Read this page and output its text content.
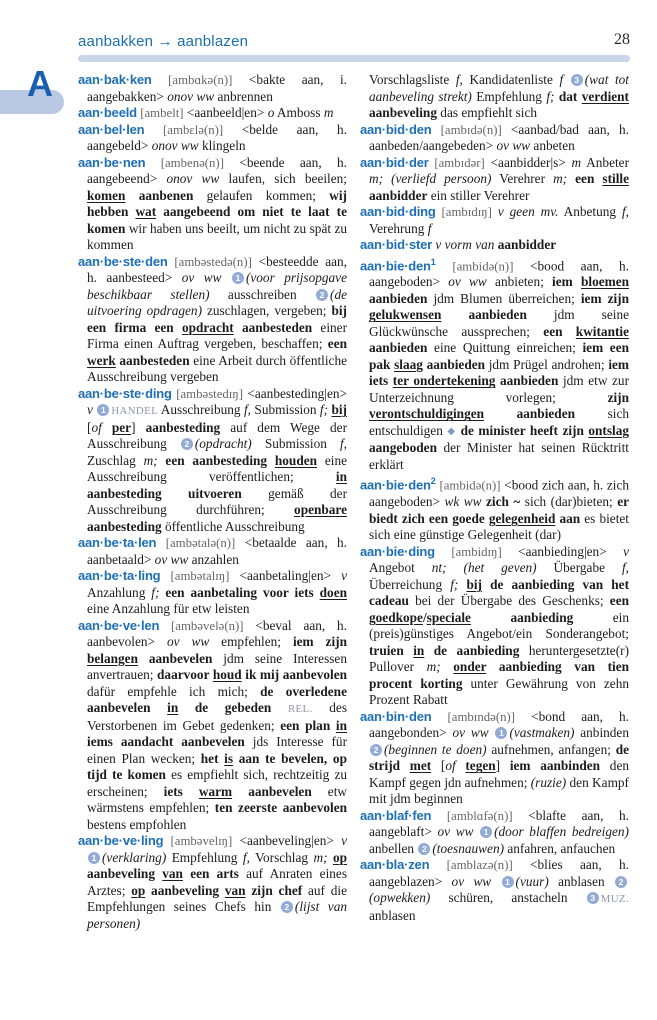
aanbakken → aanblazen	28
A aan·bak·ken [ambɑkə(n)] <bakte aan, i. aangebakken> onov ww anbrennen

aan·beeld [ambelt] <aanbeeld|en> o Amboss m

aan·bel·len [ambɛlə(n)] <belde aan, h. aangebeld> onov ww klingeln

aan·be·nen [ambenə(n)] <beende aan, h. aangebeend> onov ww laufen, sich beeilen; komen aanbenen gelaufen kommen; wij hebben wat aangebeend om niet te laat te komen wir haben uns beeilt, um nicht zu spät zu kommen

aan·be·ste·den [ambəstedə(n)] <besteedde aan, h. aanbesteed> ov ww 1 (voor prijsopgave beschikbaar stellen) ausschreiben 2 (de uitvoering opdragen) zuschlagen, vergeben; bij een firma een opdracht aanbesteden einer Firma einen Auftrag vergeben, beschaffen; een werk aanbesteden eine Arbeit durch öffentliche Ausschreibung vergeben

aan·be·ste·ding [ambəstedɪŋ] <aanbesteding|en> v 1 HANDEL Ausschreibung f, Submission f; bij [of per] aanbesteding auf dem Wege der Ausschreibung 2 (opdracht) Submission f, Zuschlag m; een aanbesteding houden eine Ausschreibung veröffentlichen; in aanbesteding uitvoeren gemäß der Ausschreibung durchführen; openbare aanbesteding öffentliche Ausschreibung

aan·be·ta·len [ambətalə(n)] <betaalde aan, h. aanbetaald> ov ww anzahlen

aan·be·ta·ling [ambətalɪŋ] <aanbetaling|en> v Anzahlung f; een aanbetaling voor iets doen eine Anzahlung für etw leisten

aan·be·ve·len [ambəvelə(n)] <beval aan, h. aanbevolen> ov ww empfehlen; iem zijn belangen aanbevelen jdm seine Interessen anvertrauen; daarvoor houd ik mij aanbevolen dafür empfehle ich mich; de overledene aanbevelen in de gebeden REL. des Verstorbenen im Gebet gedenken; een plan in iems aandacht aanbevelen jds Interesse für einen Plan wecken; het is aan te bevelen, op tijd te komen es empfiehlt sich, rechtzeitig zu erscheinen; iets warm aanbevelen etw wärmstens empfehlen; ten zeerste aanbevolen bestens empfohlen

aan·be·ve·ling [ambəvelɪŋ] <aanbeveling|en> v 1 (verklaring) Empfehlung f, Vorschlag m; op aanbeveling van een arts auf Anraten eines Arztes; op aanbeveling van zijn chef auf die Empfehlungen seines Chefs hin 2 (lijst van personen)

Vorschlagsliste f, Kandidatenliste f 3 (wat tot aanbeveling strekt) Empfehlung f; dat verdient aanbeveling das empfiehlt sich

aan·bid·den [ambɪdə(n)] <aanbad/bad aan, h. aanbeden/aangebeden> ov ww anbeten

aan·bid·der [ambɪdər] <aanbidder|s> m Anbeter m; (verliefd persoon) Verehrer m; een stille aanbidder ein stiller Verehrer

aan·bid·ding [ambɪdɪŋ] v geen mv. Anbetung f, Verehrung f

aan·bid·ster v vorm van aanbidder

aan·bie·den$^1$ [ambidə(n)] <bood aan, h. aangeboden> ov ww anbieten; iem bloemen aanbieden jdm Blumen überreichen; iem zijn gelukwensen aanbieden jdm seine Glückwünsche aussprechen; een kwitantie aanbieden eine Quittung einreichen; iem een pak slaag aanbieden jdm Prügel androhen; iem iets ter ondertekening aanbieden jdm etw zur Unterzeichnung vorlegen; zijn verontschuldigingen aanbieden sich entschuldigen ◆ de minister heeft zijn ontslag aangeboden der Minister hat seinen Rücktritt erklärt

aan·bie·den$^2$ [ambidə(n)] <bood zich aan, h. zich aangeboden> wk ww zich ~ sich (dar)bieten; er biedt zich een goede gelegenheid aan es bietet sich eine günstige Gelegenheit (dar)

aan·bie·ding [ambidɪŋ] <aanbieding|en> v Angebot nt; (het geven) Übergabe f, Überreichung f; bij de aanbieding van het cadeau bei der Übergabe des Geschenks; een goedkope/speciale aanbieding ein (preis)günstiges Angebot/ein Sonderangebot; truien in de aanbieding heruntergesetzte(r) Pullover m; onder aanbieding van tien procent korting unter Gewährung von zehn Prozent Rabatt

aan·bin·den [ambɪndə(n)] <bond aan, h. aangebonden> ov ww 1 (vastmaken) anbinden 2 (beginnen te doen) aufnehmen, anfangen; de strijd met [of tegen] iem aanbinden den Kampf gegen jdn aufnehmen; (ruzie) den Kampf mit jdm beginnen

aan·blaf·fen [amblɑfə(n)] <blafte aan, h. aangeblaft> ov ww 1 (door blaffen bedreigen) anbellen 2 (toesnauwen) anfahren, anfauchen

aan·bla·zen [amblazə(n)] <blies aan, h. aangeblazen> ov ww 1 (vuur) anblasen 2(opwekken) schüren, anstacheln 3 MUZ. anblasen
